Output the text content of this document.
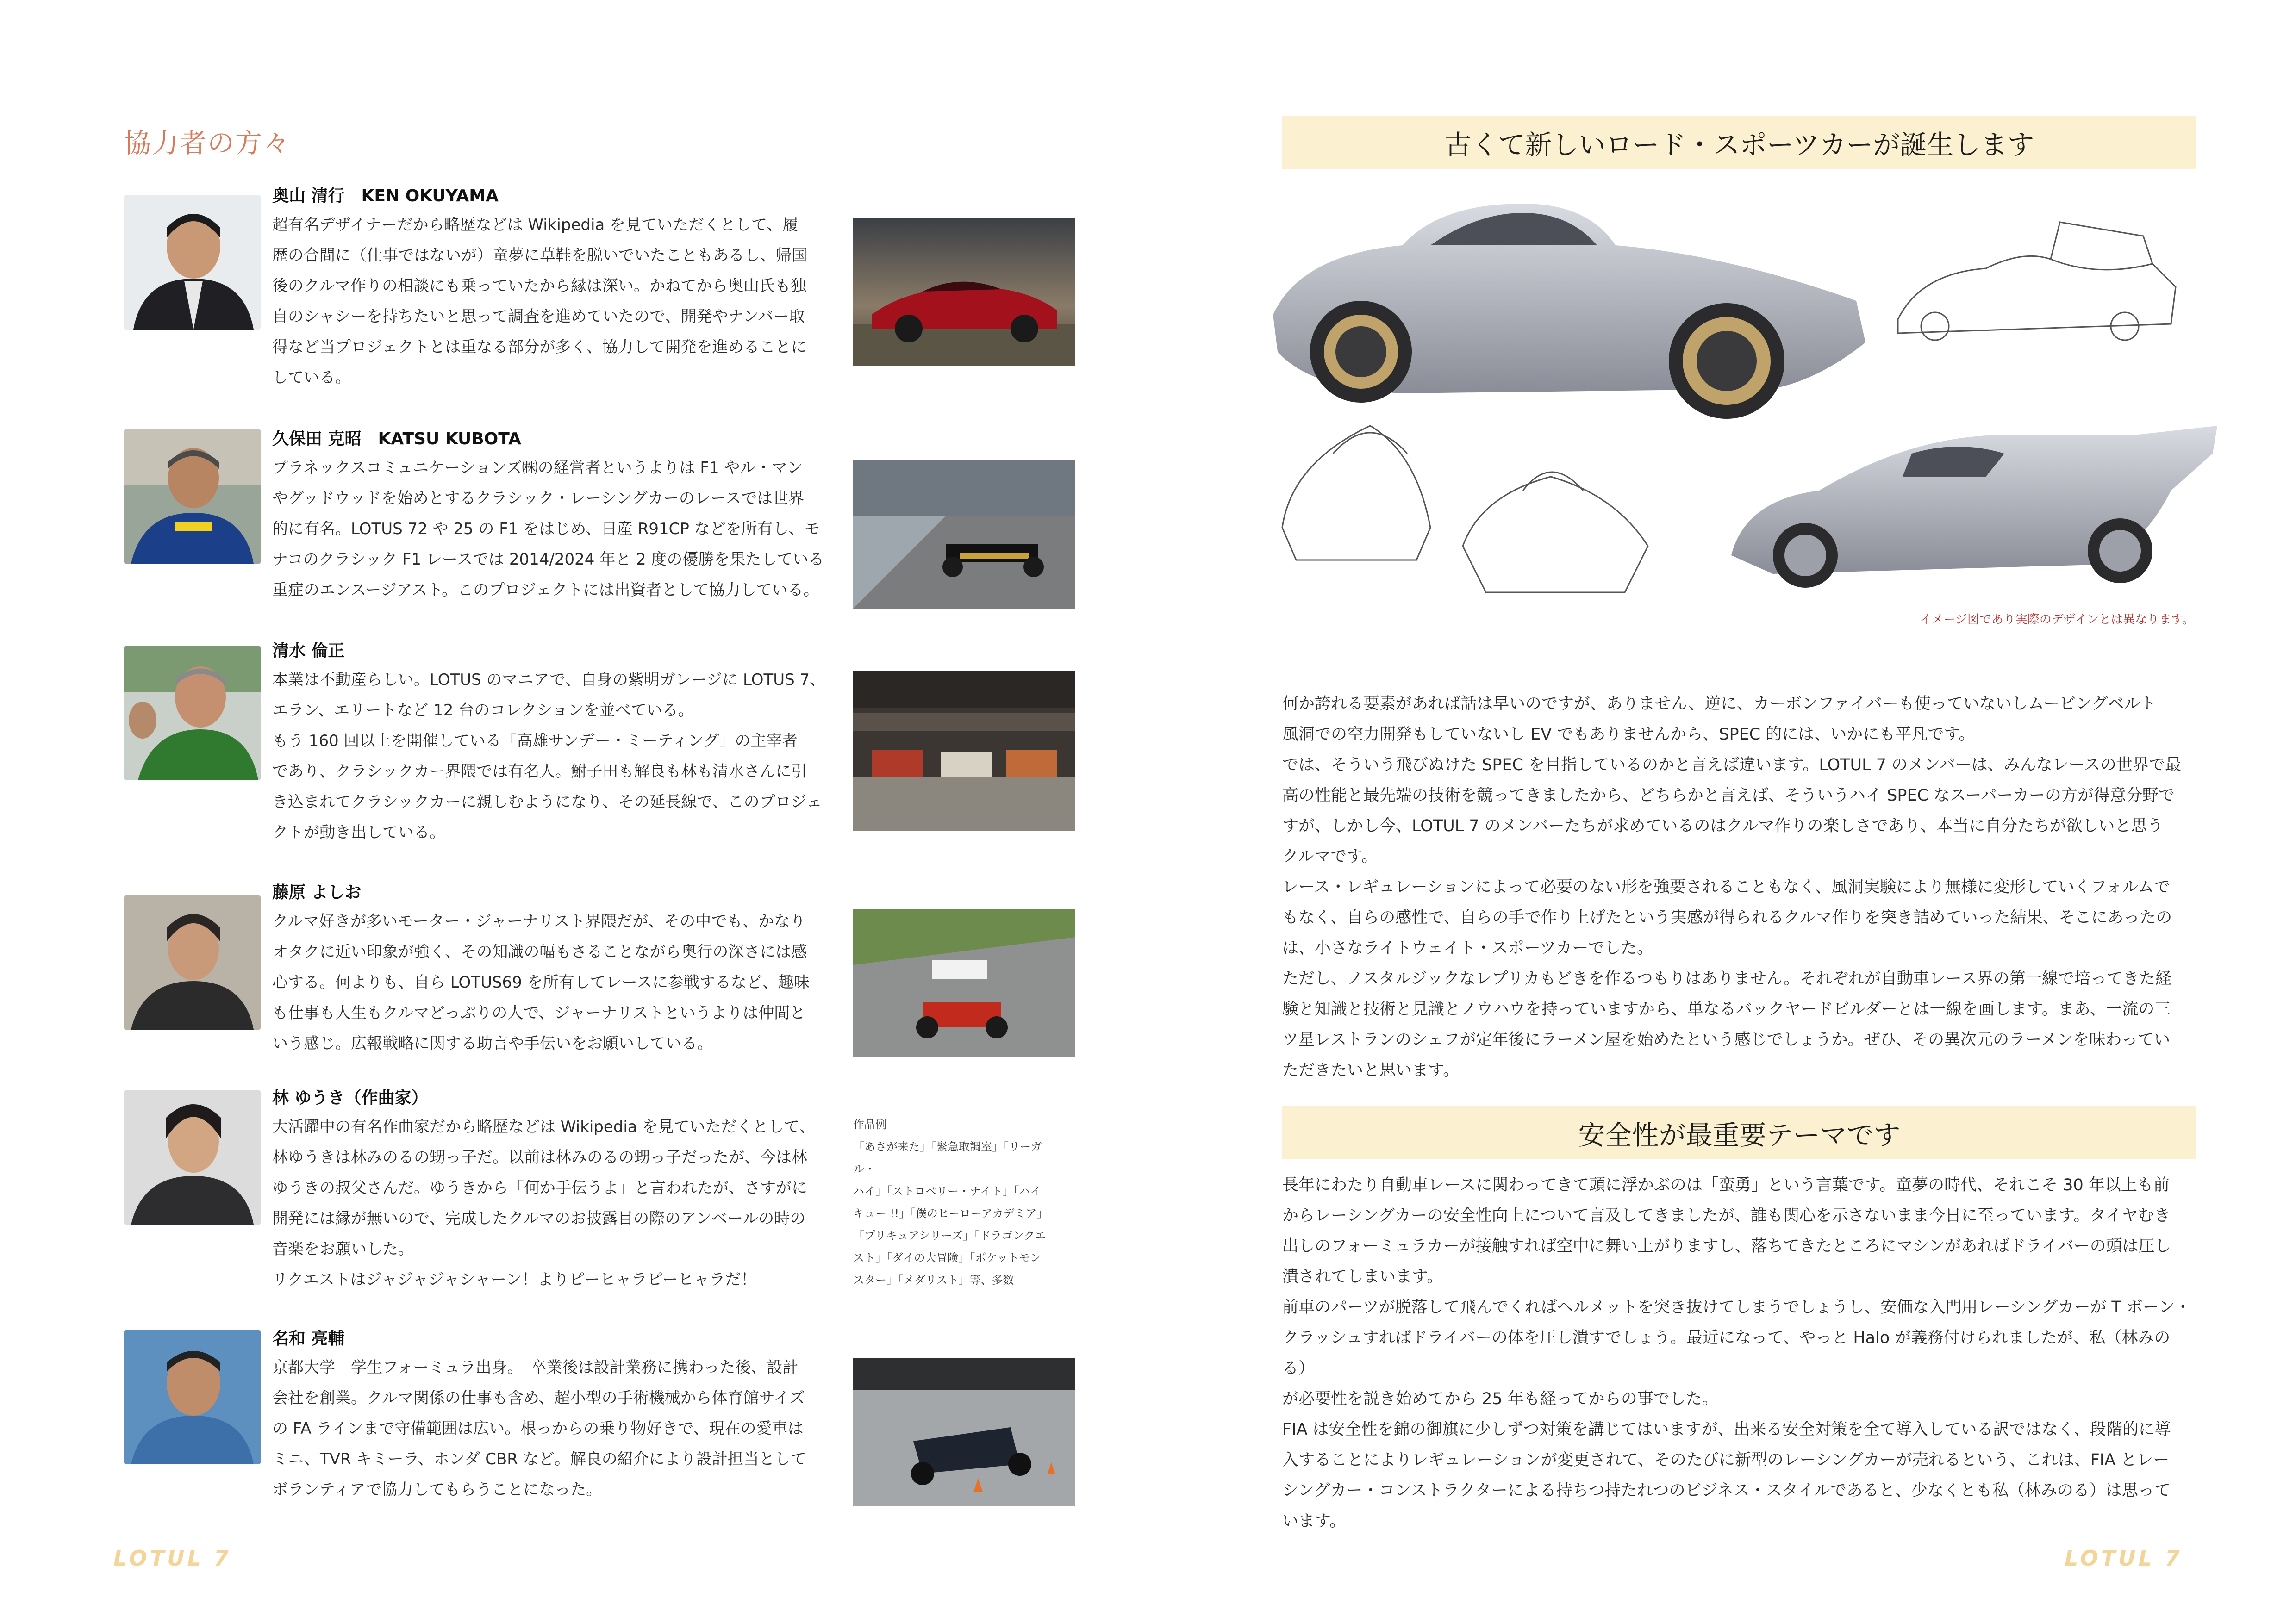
協力者の方々
奥山 清行　KEN OKUYAMA
超有名デザイナーだから略歴などは Wikipedia を見ていただくとして、履
歴の合間に（仕事ではないが）童夢に草鞋を脱いでいたこともあるし、帰国
後のクルマ作りの相談にも乗っていたから縁は深い。かねてから奥山氏も独
自のシャシーを持ちたいと思って調査を進めていたので、開発やナンバー取
得など当プロジェクトとは重なる部分が多く、協力して開発を進めることに
している。
久保田 克昭　KATSU KUBOTA
プラネックスコミュニケーションズ㈱の経営者というよりは F1 やル・マン
やグッドウッドを始めとするクラシック・レーシングカーのレースでは世界
的に有名。LOTUS 72 や 25 の F1 をはじめ、日産 R91CP などを所有し、モ
ナコのクラシック F1 レースでは 2014/2024 年と 2 度の優勝を果たしている
重症のエンスージアスト。このプロジェクトには出資者として協力している。
清水 倫正
本業は不動産らしい。LOTUS のマニアで、自身の紫明ガレージに LOTUS 7、
エラン、エリートなど 12 台のコレクションを並べている。
もう 160 回以上を開催している「高雄サンデー・ミーティング」の主宰者
であり、クラシックカー界隈では有名人。鮒子田も解良も林も清水さんに引
き込まれてクラシックカーに親しむようになり、その延長線で、このプロジェ
クトが動き出している。
藤原 よしお
クルマ好きが多いモーター・ジャーナリスト界隈だが、その中でも、かなり
オタクに近い印象が強く、その知識の幅もさることながら奥行の深さには感
心する。何よりも、自ら LOTUS69 を所有してレースに参戦するなど、趣味
も仕事も人生もクルマどっぷりの人で、ジャーナリストというよりは仲間と
いう感じ。広報戦略に関する助言や手伝いをお願いしている。
林 ゆうき（作曲家）
大活躍中の有名作曲家だから略歴などは Wikipedia を見ていただくとして、
林ゆうきは林みのるの甥っ子だ。以前は林みのるの甥っ子だったが、今は林
ゆうきの叔父さんだ。ゆうきから「何か手伝うよ」と言われたが、さすがに
開発には縁が無いので、完成したクルマのお披露目の際のアンベールの時の
音楽をお願いした。
リクエストはジャジャジャシャーン！よりピーヒャラピーヒャラだ！
作品例
「あさが来た」「緊急取調室」「リーガル・
ハイ」「ストロベリー・ナイト」「ハイ
キュー !!」「僕のヒーローアカデミア」
「プリキュアシリーズ」「ドラゴンクエ
スト」「ダイの大冒険」「ポケットモン
スター」「メダリスト」等、多数
名和 亮輔
京都大学　学生フォーミュラ出身。　卒業後は設計業務に携わった後、設計
会社を創業。クルマ関係の仕事も含め、超小型の手術機械から体育館サイズ
の FA ラインまで守備範囲は広い。根っからの乗り物好きで、現在の愛車は
ミニ、TVR キミーラ、ホンダ CBR など。解良の紹介により設計担当として
ボランティアで協力してもらうことになった。
LOTUL 7
古くて新しいロード・スポーツカーが誕生します
イメージ図であり実際のデザインとは異なります。
何か誇れる要素があれば話は早いのですが、ありません、逆に、カーボンファイバーも使っていないしムービングベルト
風洞での空力開発もしていないし EV でもありませんから、SPEC 的には、いかにも平凡です。
では、そういう飛びぬけた SPEC を目指しているのかと言えば違います。LOTUL 7 のメンバーは、みんなレースの世界で最
高の性能と最先端の技術を競ってきましたから、どちらかと言えば、そういうハイ SPEC なスーパーカーの方が得意分野で
すが、しかし今、LOTUL 7 のメンバーたちが求めているのはクルマ作りの楽しさであり、本当に自分たちが欲しいと思う
クルマです。
レース・レギュレーションによって必要のない形を強要されることもなく、風洞実験により無様に変形していくフォルムで
もなく、自らの感性で、自らの手で作り上げたという実感が得られるクルマ作りを突き詰めていった結果、そこにあったの
は、小さなライトウェイト・スポーツカーでした。
ただし、ノスタルジックなレプリカもどきを作るつもりはありません。それぞれが自動車レース界の第一線で培ってきた経
験と知識と技術と見識とノウハウを持っていますから、単なるバックヤードビルダーとは一線を画します。まあ、一流の三
ツ星レストランのシェフが定年後にラーメン屋を始めたという感じでしょうか。ぜひ、その異次元のラーメンを味わってい
ただきたいと思います。
安全性が最重要テーマです
長年にわたり自動車レースに関わってきて頭に浮かぶのは「蛮勇」という言葉です。童夢の時代、それこそ 30 年以上も前
からレーシングカーの安全性向上について言及してきましたが、誰も関心を示さないまま今日に至っています。タイヤむき
出しのフォーミュラカーが接触すれば空中に舞い上がりますし、落ちてきたところにマシンがあればドライバーの頭は圧し
潰されてしまいます。
前車のパーツが脱落して飛んでくればヘルメットを突き抜けてしまうでしょうし、安価な入門用レーシングカーが T ボーン・
クラッシュすればドライバーの体を圧し潰すでしょう。最近になって、やっと Halo が義務付けられましたが、私（林みのる）
が必要性を説き始めてから 25 年も経ってからの事でした。
FIA は安全性を錦の御旗に少しずつ対策を講じてはいますが、出来る安全対策を全て導入している訳ではなく、段階的に導
入することによりレギュレーションが変更されて、そのたびに新型のレーシングカーが売れるという、これは、FIA とレー
シングカー・コンストラクターによる持ちつ持たれつのビジネス・スタイルであると、少なくとも私（林みのる）は思って
います。
LOTUL 7
